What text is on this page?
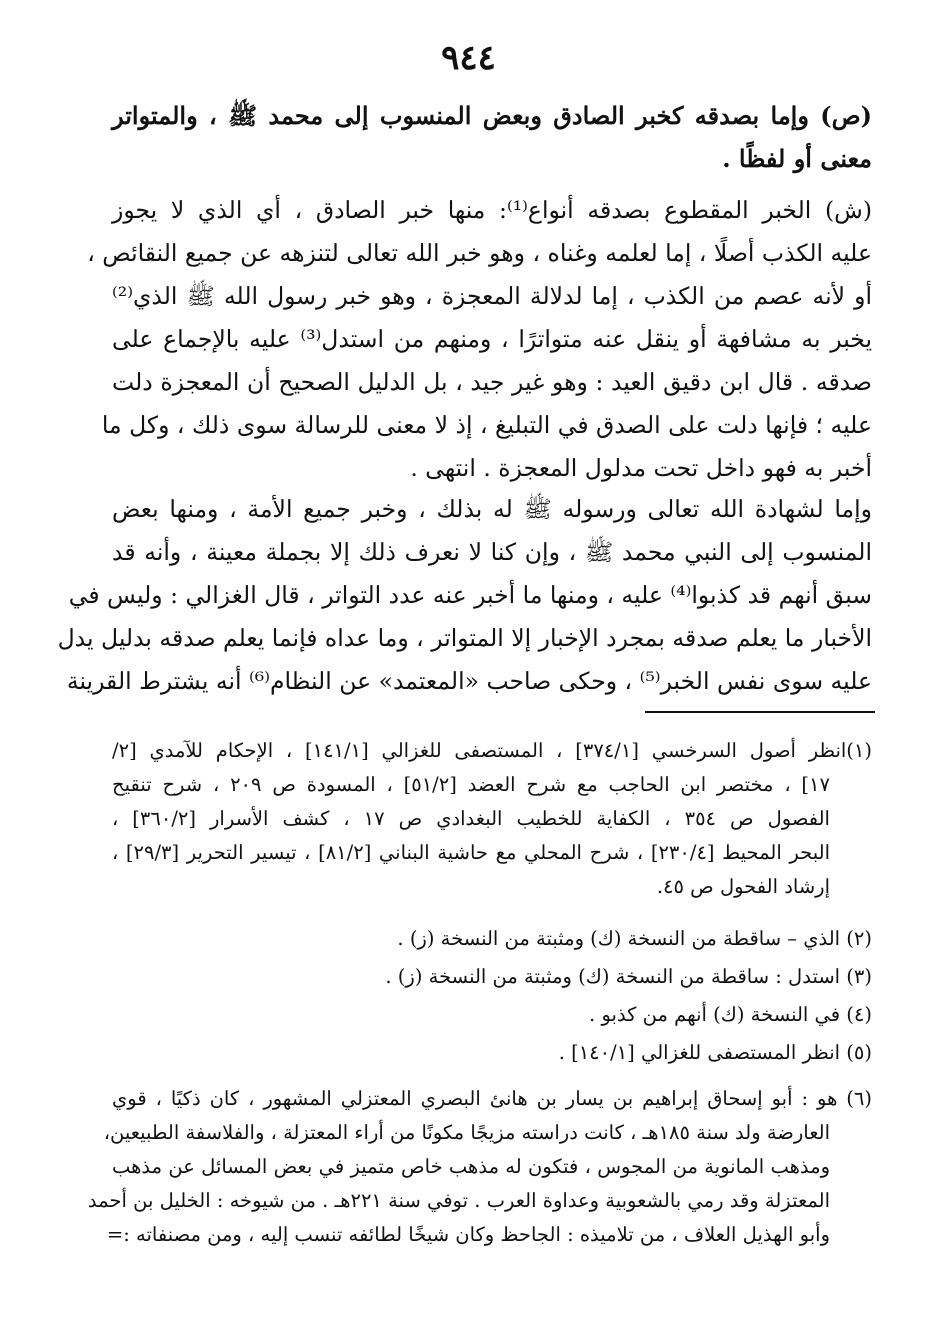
٩٤٤
(ص) وإما بصدقه كخبر الصادق وبعض المنسوب إلى محمد ﷺ ، والمتواتر
معنى أو لفظًا .
(ش) الخبر المقطوع بصدقه أنواع⁽¹⁾: منها خبر الصادق ، أي الذي لا يجوز
عليه الكذب أصلًا ، إما لعلمه وغناه ، وهو خبر الله تعالى لتنزهه عن جميع النقائص ،
أو لأنه عصم من الكذب ، إما لدلالة المعجزة ، وهو خبر رسول الله ﷺ الذي⁽²⁾
يخبر به مشافهة أو ينقل عنه متواترًا ، ومنهم من استدل⁽³⁾ عليه بالإجماع على
صدقه . قال ابن دقيق العيد : وهو غير جيد ، بل الدليل الصحيح أن المعجزة دلت
عليه ؛ فإنها دلت على الصدق في التبليغ ، إذ لا معنى للرسالة سوى ذلك ، وكل ما
أخبر به فهو داخل تحت مدلول المعجزة . انتهى .
وإما لشهادة الله تعالى ورسوله ﷺ له بذلك ، وخبر جميع الأمة ، ومنها بعض
المنسوب إلى النبي محمد ﷺ ، وإن كنا لا نعرف ذلك إلا بجملة معينة ، وأنه قد
سبق أنهم قد كذبوا⁽⁴⁾ عليه ، ومنها ما أخبر عنه عدد التواتر ، قال الغزالي : وليس في
الأخبار ما يعلم صدقه بمجرد الإخبار إلا المتواتر ، وما عداه فإنما يعلم صدقه بدليل يدل
عليه سوى نفس الخبر⁽⁵⁾ ، وحكى صاحب «المعتمد» عن النظام⁽⁶⁾ أنه يشترط القرينة
(١)انظر أصول السرخسي [٣٧٤/١] ، المستصفى للغزالي [١٤١/١] ، الإحكام للآمدي [٢/
١٧] ، مختصر ابن الحاجب مع شرح العضد [٥١/٢] ، المسودة ص ٢٠٩ ، شرح تنقيح
الفصول ص ٣٥٤ ، الكفاية للخطيب البغدادي ص ١٧ ، كشف الأسرار [٣٦٠/٢] ،
البحر المحيط [٢٣٠/٤] ، شرح المحلي مع حاشية البناني [٨١/٢] ، تيسير التحرير [٢٩/٣] ،
إرشاد الفحول ص ٤٥.
(٢) الذي – ساقطة من النسخة (ك) ومثبتة من النسخة (ز) .
(٣) استدل : ساقطة من النسخة (ك) ومثبتة من النسخة (ز) .
(٤) في النسخة (ك) أنهم من كذبو .
(٥) انظر المستصفى للغزالي [١٤٠/١] .
(٦) هو : أبو إسحاق إبراهيم بن يسار بن هانئ البصري المعتزلي المشهور ، كان ذكيًا ، قوي
العارضة ولد سنة ١٨٥هـ ، كانت دراسته مزيجًا مكونًا من أراء المعتزلة ، والفلاسفة الطبيعين،
ومذهب المانوية من المجوس ، فتكون له مذهب خاص متميز في بعض المسائل عن مذهب
المعتزلة وقد رمي بالشعوبية وعداوة العرب . توفي سنة ٢٢١هـ . من شيوخه : الخليل بن أحمد
وأبو الهذيل العلاف ، من تلاميذه : الجاحظ وكان شيخًا لطائفه تنسب إليه ، ومن مصنفاته :=
